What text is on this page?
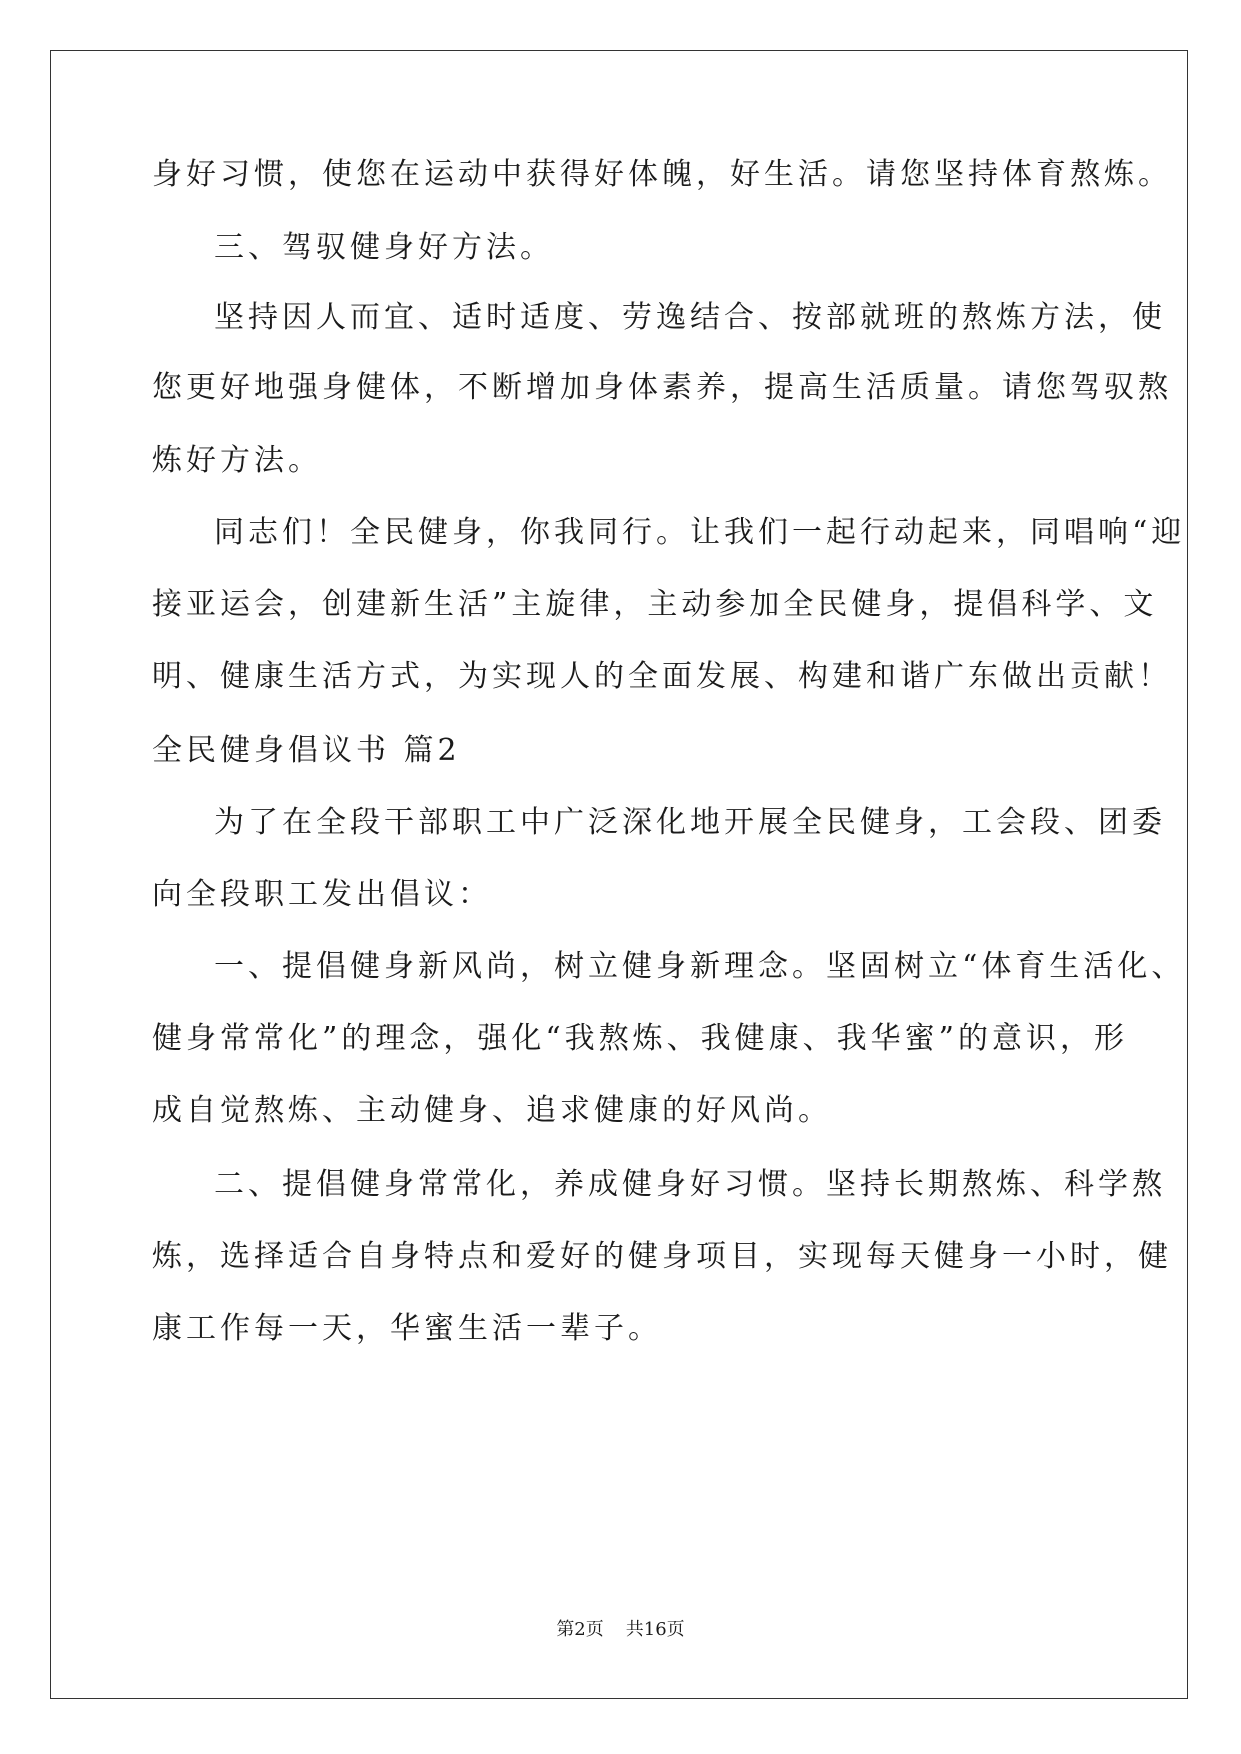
身好习惯，使您在运动中获得好体魄，好生活。请您坚持体育熬炼。
三、驾驭健身好方法。
坚持因人而宜、适时适度、劳逸结合、按部就班的熬炼方法，使
您更好地强身健体，不断增加身体素养，提高生活质量。请您驾驭熬
炼好方法。
同志们！全民健身，你我同行。让我们一起行动起来，同唱响“迎
接亚运会，创建新生活”主旋律，主动参加全民健身，提倡科学、文
明、健康生活方式，为实现人的全面发展、构建和谐广东做出贡献！
全民健身倡议书 篇2
为了在全段干部职工中广泛深化地开展全民健身，工会段、团委
向全段职工发出倡议：
一、提倡健身新风尚，树立健身新理念。坚固树立“体育生活化、
健身常常化”的理念，强化“我熬炼、我健康、我华蜜”的意识，形
成自觉熬炼、主动健身、追求健康的好风尚。
二、提倡健身常常化，养成健身好习惯。坚持长期熬炼、科学熬
炼，选择适合自身特点和爱好的健身项目，实现每天健身一小时，健
康工作每一天，华蜜生活一辈子。
第2页 共16页
